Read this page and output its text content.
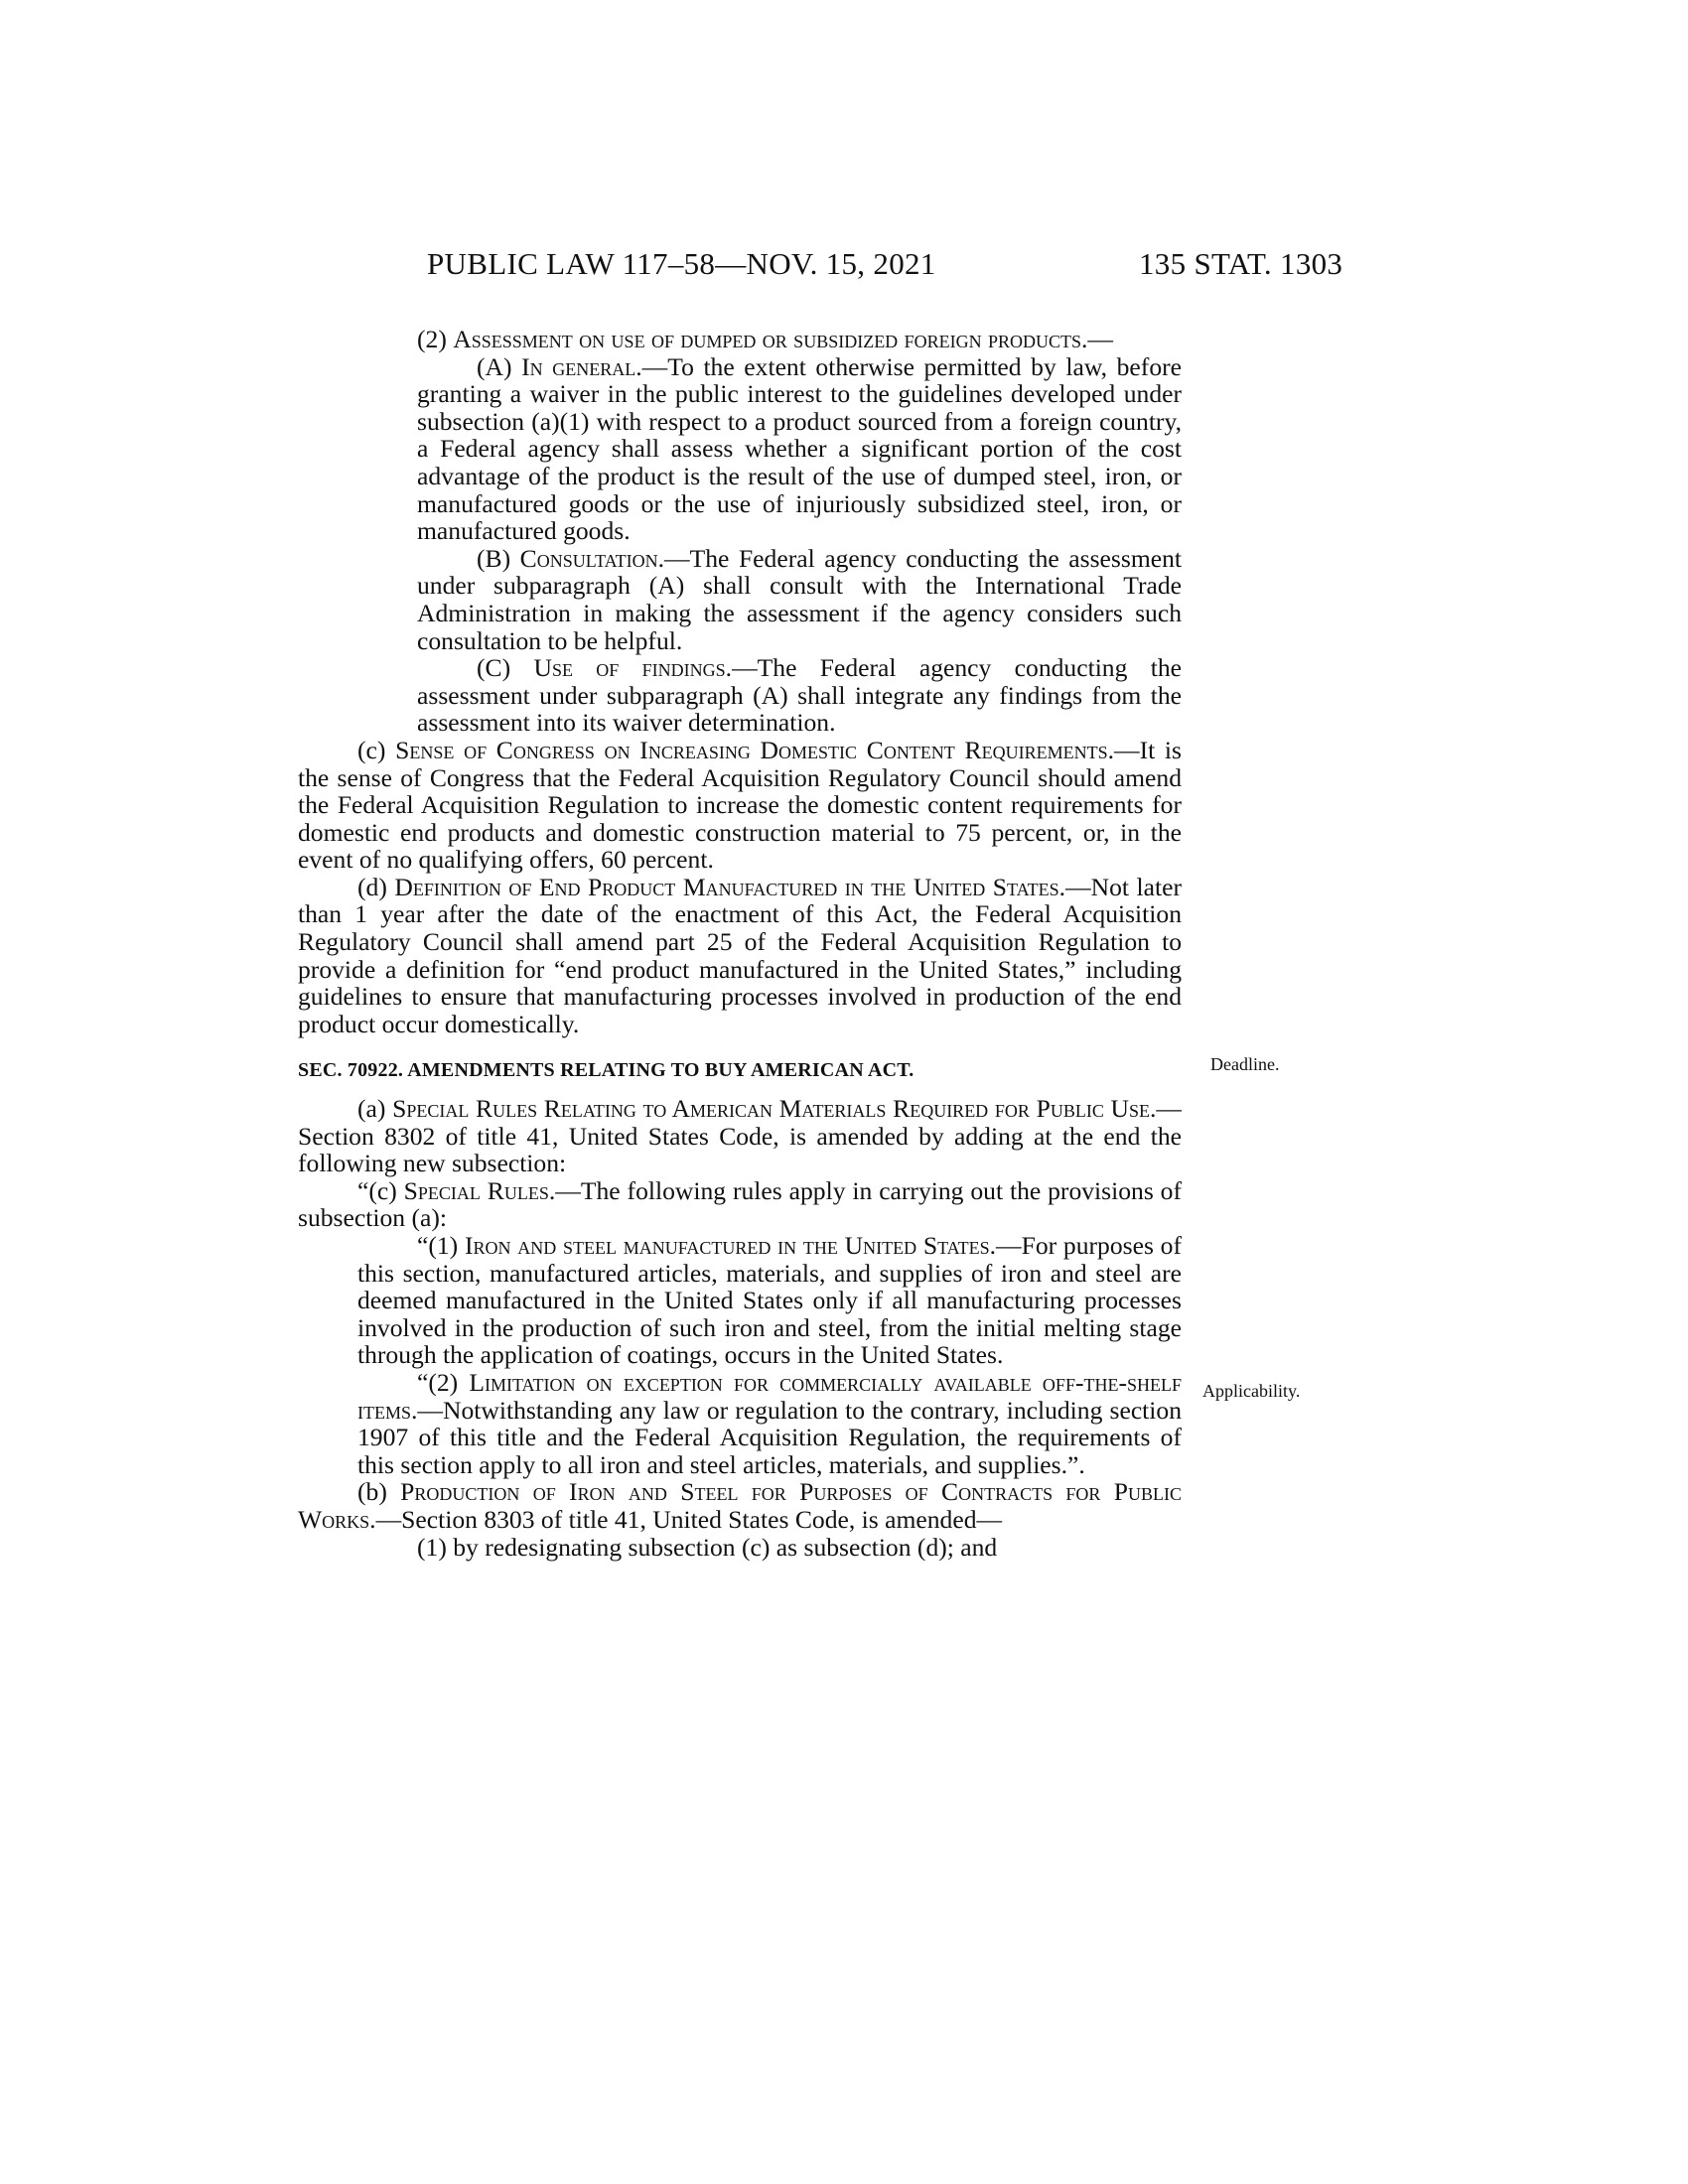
PUBLIC LAW 117–58—NOV. 15, 2021	135 STAT. 1303
Deadline.
Applicability.

(2) Assessment on use of dumped or subsidized foreign products.—

(A) In general.—To the extent otherwise permitted by law, before granting a waiver in the public interest to the guidelines developed under subsection (a)(1) with respect to a product sourced from a foreign country, a Federal agency shall assess whether a significant portion of the cost advantage of the product is the result of the use of dumped steel, iron, or manufactured goods or the use of injuriously subsidized steel, iron, or manufactured goods.

(B) Consultation.—The Federal agency conducting the assessment under subparagraph (A) shall consult with the International Trade Administration in making the assessment if the agency considers such consultation to be helpful.

(C) Use of findings.—The Federal agency conducting the assessment under subparagraph (A) shall integrate any findings from the assessment into its waiver determination.

(c) Sense of Congress on Increasing Domestic Content Requirements.—It is the sense of Congress that the Federal Acquisition Regulatory Council should amend the Federal Acquisition Regulation to increase the domestic content requirements for domestic end products and domestic construction material to 75 percent, or, in the event of no qualifying offers, 60 percent.

(d) Definition of End Product Manufactured in the United States.—Not later than 1 year after the date of the enactment of this Act, the Federal Acquisition Regulatory Council shall amend part 25 of the Federal Acquisition Regulation to provide a definition for “end product manufactured in the United States,” including guidelines to ensure that manufacturing processes involved in production of the end product occur domestically.

SEC. 70922. AMENDMENTS RELATING TO BUY AMERICAN ACT.

(a) Special Rules Relating to American Materials Required for Public Use.—Section 8302 of title 41, United States Code, is amended by adding at the end the following new subsection:

“(c) Special Rules.—The following rules apply in carrying out the provisions of subsection (a):

“(1) Iron and steel manufactured in the United States.—For purposes of this section, manufactured articles, materials, and supplies of iron and steel are deemed manufactured in the United States only if all manufacturing processes involved in the production of such iron and steel, from the initial melting stage through the application of coatings, occurs in the United States.

“(2) Limitation on exception for commercially available off-the-shelf items.—Notwithstanding any law or regulation to the contrary, including section 1907 of this title and the Federal Acquisition Regulation, the requirements of this section apply to all iron and steel articles, materials, and supplies.”.

(b) Production of Iron and Steel for Purposes of Contracts for Public Works.—Section 8303 of title 41, United States Code, is amended—

(1) by redesignating subsection (c) as subsection (d); and
